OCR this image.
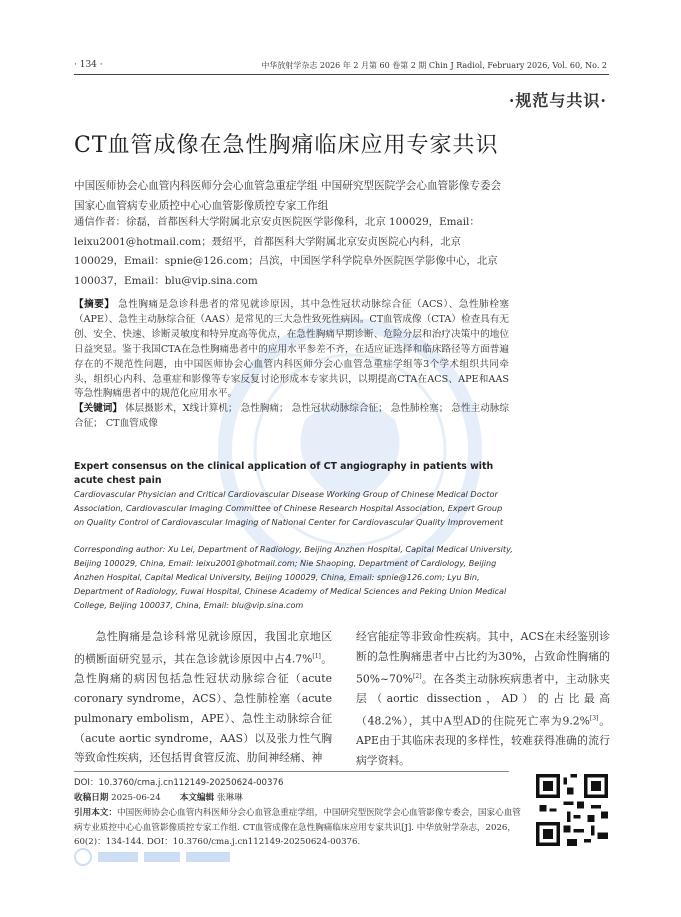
· 134 ·	中华放射学杂志 2026 年 2 月第 60 卷第 2 期 Chin J Radiol, February 2026, Vol. 60, No. 2
·规范与共识·
CT血管成像在急性胸痛临床应用专家共识
中国医师协会心血管内科医师分会心血管急重症学组 中国研究型医院学会心血管影像专委会 国家心血管病专业质控中心心血管影像质控专家工作组
通信作者：徐磊，首都医科大学附属北京安贞医院医学影像科，北京 100029，Email：leixu2001@hotmail.com；聂绍平，首都医科大学附属北京安贞医院心内科，北京 100029，Email：spnie@126.com；吕滨，中国医学科学院阜外医院医学影像中心，北京 100037，Email：blu@vip.sina.com
【摘要】 急性胸痛是急诊科患者的常见就诊原因，其中急性冠状动脉综合征（ACS）、急性肺栓塞（APE）、急性主动脉综合征（AAS）是常见的三大急性致死性病因。CT血管成像（CTA）检查具有无创、安全、快速、诊断灵敏度和特异度高等优点，在急性胸痛早期诊断、危险分层和治疗决策中的地位日益突显。鉴于我国CTA在急性胸痛患者中的应用水平参差不齐，在适应证选择和临床路径等方面普遍存在的不规范性问题，由中国医师协会心血管内科医师分会心血管急重症学组等3个学术组织共同牵头，组织心内科、急重症和影像等专家反复讨论形成本专家共识，以期提高CTA在ACS、APE和AAS等急性胸痛患者中的规范化应用水平。
【关键词】 体层摄影术，X线计算机； 急性胸痛； 急性冠状动脉综合征； 急性肺栓塞； 急性主动脉综合征； CT血管成像
Expert consensus on the clinical application of CT angiography in patients with acute chest pain
Cardiovascular Physician and Critical Cardiovascular Disease Working Group of Chinese Medical Doctor Association, Cardiovascular Imaging Committee of Chinese Research Hospital Association, Expert Group on Quality Control of Cardiovascular Imaging of National Center for Cardiovascular Quality Improvement
Corresponding author: Xu Lei, Department of Radiology, Beijing Anzhen Hospital, Capital Medical University, Beijing 100029, China, Email: leixu2001@hotmail.com; Nie Shaoping, Department of Cardiology, Beijing Anzhen Hospital, Capital Medical University, Beijing 100029, China, Email: spnie@126.com; Lyu Bin, Department of Radiology, Fuwai Hospital, Chinese Academy of Medical Sciences and Peking Union Medical College, Beijing 100037, China, Email: blu@vip.sina.com
急性胸痛是急诊科常见就诊原因，我国北京地区的横断面研究显示，其在急诊就诊原因中占4.7%[1]。急性胸痛的病因包括急性冠状动脉综合征（acute coronary syndrome，ACS）、急性肺栓塞（acute pulmonary embolism，APE）、急性主动脉综合征（acute aortic syndrome，AAS）以及张力性气胸等致命性疾病，还包括胃食管反流、肋间神经痛、神
经官能症等非致命性疾病。其中，ACS在未经鉴别诊断的急性胸痛患者中占比约为30%，占致命性胸痛的50%~70%[2]。在各类主动脉疾病患者中，主动脉夹层（aortic dissection，AD）的占比最高（48.2%），其中A型AD的住院死亡率为9.2%[3]。APE由于其临床表现的多样性，较难获得准确的流行病学资料。
DOI：10.3760/cma.j.cn112149-20250624-00376
收稿日期 2025-06-24 本文编辑 张琳琳
引用本文：中国医师协会心血管内科医师分会心血管急重症学组，中国研究型医院学会心血管影像专委会，国家心血管病专业质控中心心血管影像质控专家工作组. CT血管成像在急性胸痛临床应用专家共识[J]. 中华放射学杂志，2026，60(2)：134-144. DOI：10.3760/cma.j.cn112149-20250624-00376.
